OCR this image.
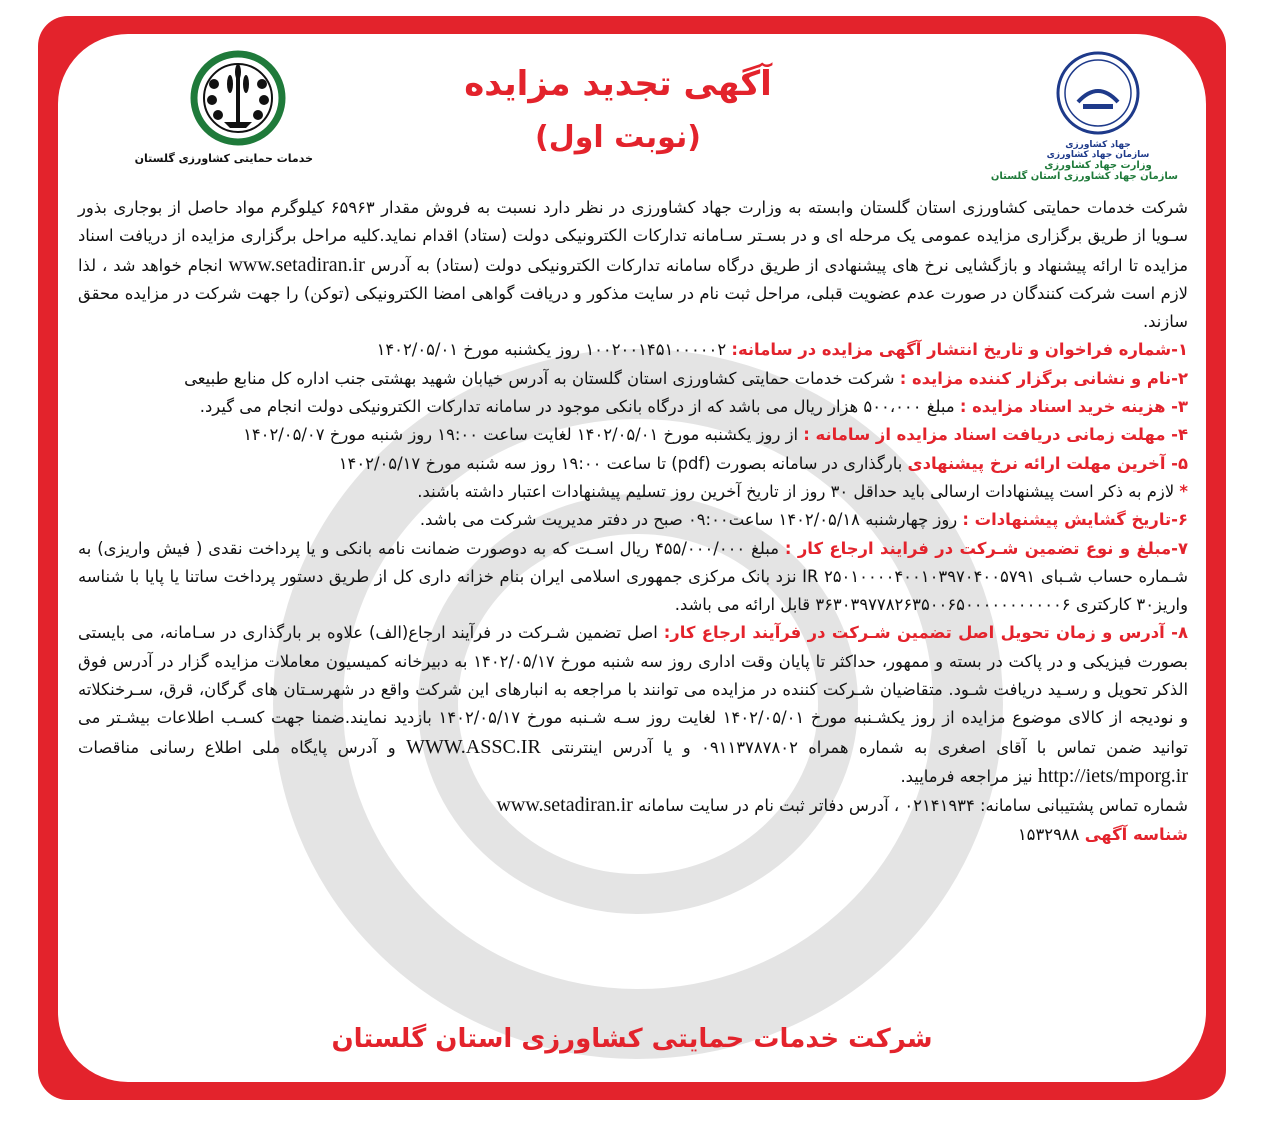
خدمات حمایتی کشاورزی گلستان
جهاد کشاورزی
سازمان جهاد کشاورزی
وزارت جهاد کشاورزی
سازمان جهاد کشاورزی استان گلستان
آگهی تجدید مزایده
(نوبت اول)

شرکت خدمات حمایتی کشاورزی استان گلستان وابسته به وزارت جهاد کشاورزی در نظر دارد نسبت به فروش مقدار ۶۵۹۶۳ کیلوگرم مواد حاصل از بوجاری بذور سـویا از طریق برگزاری مزایده عمومی یک مرحله ای و در بسـتر سـامانه تدارکات الکترونیکی دولت (ستاد) اقدام نماید.کلیه مراحل برگزاری مزایده از دریافت اسناد مزایده تا ارائه پیشنهاد و بازگشایی نرخ های پیشنهادی از طریق درگاه سامانه تدارکات الکترونیکی دولت (ستاد) به آدرس www.setadiran.ir انجام خواهد شد ، لذا لازم است شرکت کنندگان در صورت عدم عضویت قبلی، مراحل ثبت نام در سایت مذکور و دریافت گواهی امضا الکترونیکی (توکن) را جهت شرکت در مزایده محقق سازند.

۱-شماره فراخوان و تاریخ انتشار آگهی مزایده در سامانه: ۱۰۰۲۰۰۱۴۵۱۰۰۰۰۰۲ روز یکشنبه مورخ ۱۴۰۲/۰۵/۰۱

۲-نام و نشانی برگزار کننده مزایده : شرکت خدمات حمایتی کشاورزی استان گلستان به آدرس خیابان شهید بهشتی جنب اداره کل منابع طبیعی

۳- هزینه خرید اسناد مزایده : مبلغ ۵۰۰،۰۰۰ هزار ریال می باشد که از درگاه بانکی موجود در سامانه تدارکات الکترونیکی دولت انجام می گیرد.

۴- مهلت زمانی دریافت اسناد مزایده از سامانه : از روز یکشنبه مورخ ۱۴۰۲/۰۵/۰۱ لغایت ساعت ۱۹:۰۰ روز شنبه مورخ ۱۴۰۲/۰۵/۰۷

۵- آخرین مهلت ارائه نرخ پیشنهادی بارگذاری در سامانه بصورت (pdf) تا ساعت ۱۹:۰۰ روز سه شنبه مورخ ۱۴۰۲/۰۵/۱۷

* لازم به ذکر است پیشنهادات ارسالی باید حداقل ۳۰ روز از تاریخ آخرین روز تسلیم پیشنهادات اعتبار داشته باشند.

۶-تاریخ گشایش پیشنهادات : روز چهارشنبه ۱۴۰۲/۰۵/۱۸ ساعت۰۹:۰۰ صبح در دفتر مدیریت شرکت می باشد.

۷-مبلغ و نوع تضمین شـرکت در فرایند ارجاع کار : مبلغ ۴۵۵/۰۰۰/۰۰۰ ریال اسـت که به دوصورت ضمانت نامه بانکی و یا پرداخت نقدی ( فیش واریزی) به شـماره حساب شـبای IR ۲۵۰۱۰۰۰۰۴۰۰۱۰۳۹۷۰۴۰۰۵۷۹۱ نزد بانک مرکزی جمهوری اسلامی ایران بنام خزانه داری کل از طریق دستور پرداخت ساتنا یا پایا با شناسه واریز۳۰ کارکتری ۳۶۳۰۳۹۷۷۸۲۶۳۵۰۰۶۵۰۰۰۰۰۰۰۰۰۰۰۶ قابل ارائه می باشد.

۸- آدرس و زمان تحویل اصل تضمین شـرکت در فرآیند ارجاع کار: اصل تضمین شـرکت در فرآیند ارجاع(الف) علاوه بر بارگذاری در سـامانه، می بایستی بصورت فیزیکی و در پاکت در بسته و ممهور، حداکثر تا پایان وقت اداری روز سه شنبه مورخ ۱۴۰۲/۰۵/۱۷ به دبیرخانه کمیسیون معاملات مزایده گزار در آدرس فوق الذکر تحویل و رسـید دریافت شـود. متقاضیان شـرکت کننده در مزایده می توانند با مراجعه به انبارهای این شرکت واقع در شهرسـتان های گرگان، قرق، سـرخنکلاته و نودیجه از کالای موضوع مزایده از روز یکشـنبه مورخ ۱۴۰۲/۰۵/۰۱ لغایت روز سـه شـنبه مورخ ۱۴۰۲/۰۵/۱۷ بازدید نمایند.ضمنا جهت کسـب اطلاعات بیشـتر می توانید ضمن تماس با آقای اصغری به شماره همراه ۰۹۱۱۳۷۸۷۸۰۲ و یا آدرس اینترنتی WWW.ASSC.IR و آدرس پایگاه ملی اطلاع رسانی مناقصات http://iets/mporg.ir نیز مراجعه فرمایید.

شماره تماس پشتیبانی سامانه: ۰۲۱۴۱۹۳۴ ، آدرس دفاتر ثبت نام در سایت سامانه www.setadiran.ir

شناسه آگهی ۱۵۳۲۹۸۸

شرکت خدمات حمایتی کشاورزی استان گلستان
